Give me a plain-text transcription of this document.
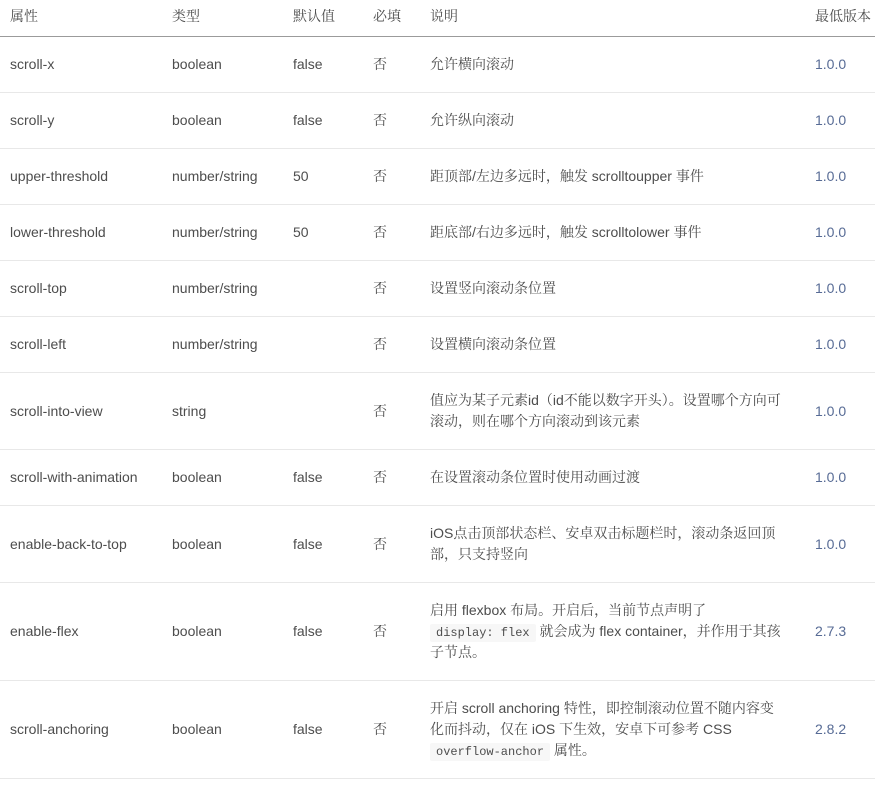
属性	类型	默认值	必填	说明	最低版本
scroll-x	boolean	false	否	允许横向滚动	1.0.0
scroll-y	boolean	false	否	允许纵向滚动	1.0.0
upper-threshold	number/string	50	否	距顶部/左边多远时，触发 scrolltoupper 事件	1.0.0
lower-threshold	number/string	50	否	距底部/右边多远时，触发 scrolltolower 事件	1.0.0
scroll-top	number/string		否	设置竖向滚动条位置	1.0.0
scroll-left	number/string		否	设置横向滚动条位置	1.0.0
scroll-into-view	string		否	值应为某子元素id（id不能以数字开头）。设置哪个方向可滚动，则在哪个方向滚动到该元素	1.0.0
scroll-with-animation	boolean	false	否	在设置滚动条位置时使用动画过渡	1.0.0
enable-back-to-top	boolean	false	否	iOS点击顶部状态栏、安卓双击标题栏时，滚动条返回顶部，只支持竖向	1.0.0
enable-flex	boolean	false	否	启用 flexbox 布局。开启后，当前节点声明了 display: flex 就会成为 flex container，并作用于其孩子节点。	2.7.3
scroll-anchoring	boolean	false	否	开启 scroll anchoring 特性，即控制滚动位置不随内容变化而抖动，仅在 iOS 下生效，安卓下可参考 CSS overflow-anchor 属性。	2.8.2
